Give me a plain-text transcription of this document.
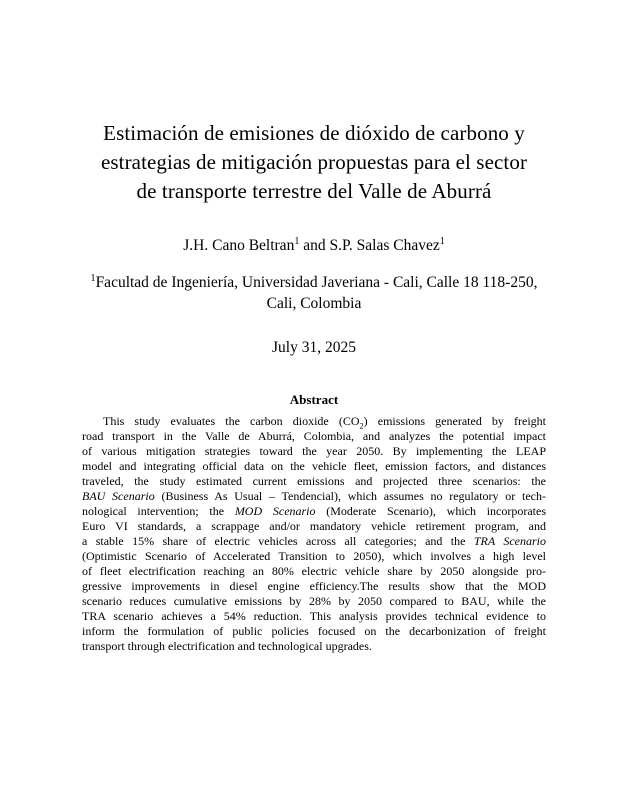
Estimación de emisiones de dióxido de carbono y
estrategias de mitigación propuestas para el sector
de transporte terrestre del Valle de Aburrá
J.H. Cano Beltran$^1$ and S.P. Salas Chavez$^1$
$^1$Facultad de Ingeniería, Universidad Javeriana - Cali, Calle 18 118-250,
Cali, Colombia
July 31, 2025
Abstract
This study evaluates the carbon dioxide $(CO_2)$ emissions generated by freight
road transport in the Valle de Aburrá, Colombia, and analyzes the potential impact
of various mitigation strategies toward the year 2050. By implementing the LEAP
model and integrating official data on the vehicle fleet, emission factors, and distances
traveled, the study estimated current emissions and projected three scenarios: the
BAU Scenario (Business As Usual – Tendencial), which assumes no regulatory or tech-
nological intervention; the MOD Scenario (Moderate Scenario), which incorporates
Euro VI standards, a scrappage and/or mandatory vehicle retirement program, and
a stable 15% share of electric vehicles across all categories; and the TRA Scenario
(Optimistic Scenario of Accelerated Transition to 2050), which involves a high level
of fleet electrification reaching an 80% electric vehicle share by 2050 alongside pro-
gressive improvements in diesel engine efficiency.The results show that the MOD
scenario reduces cumulative emissions by 28% by 2050 compared to BAU, while the
TRA scenario achieves a 54% reduction. This analysis provides technical evidence to
inform the formulation of public policies focused on the decarbonization of freight
transport through electrification and technological upgrades.
